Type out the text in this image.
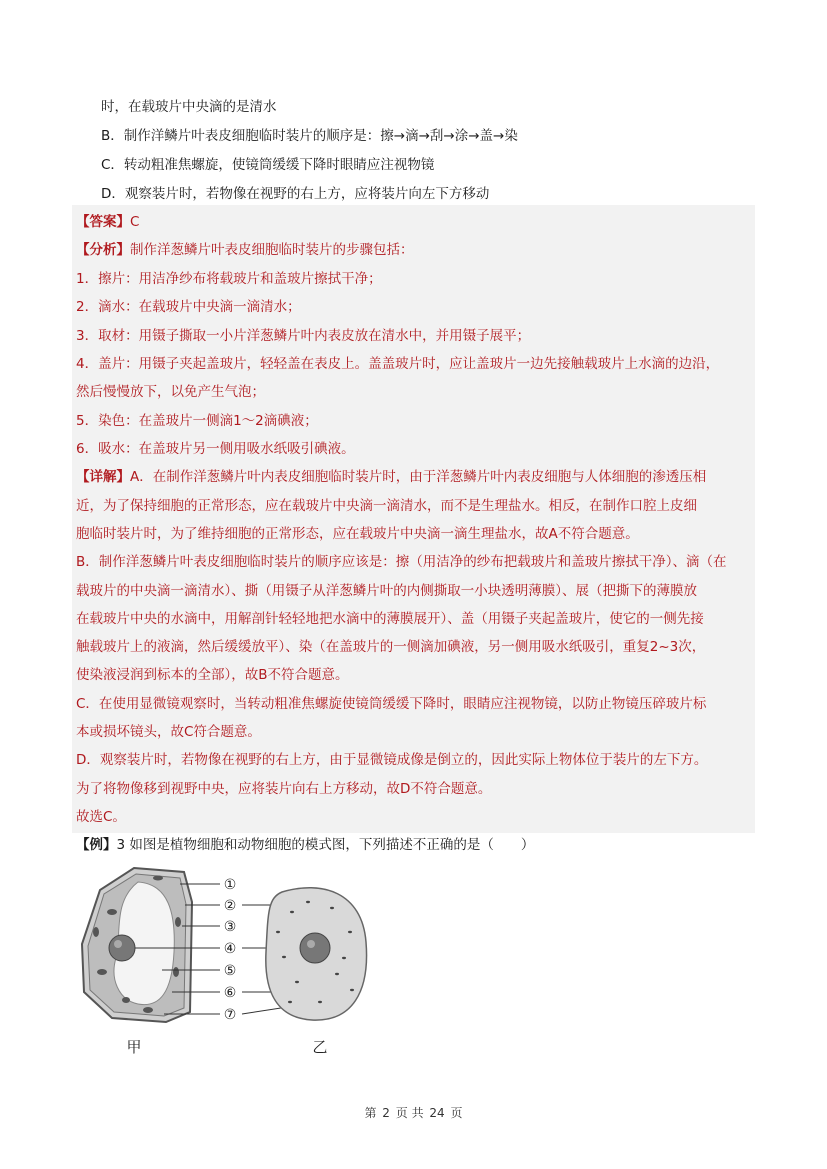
时，在载玻片中央滴的是清水
B．制作洋鳞片叶表皮细胞临时装片的顺序是：擦→滴→刮→涂→盖→染
C．转动粗准焦螺旋，使镜筒缓缓下降时眼睛应注视物镜
D．观察装片时，若物像在视野的右上方，应将装片向左下方移动
【答案】C
【分析】制作洋葱鳞片叶表皮细胞临时装片的步骤包括：
1．擦片：用洁净纱布将载玻片和盖玻片擦拭干净；
2．滴水：在载玻片中央滴一滴清水；
3．取材：用镊子撕取一小片洋葱鳞片叶内表皮放在清水中，并用镊子展平；
4．盖片：用镊子夹起盖玻片，轻轻盖在表皮上。盖盖玻片时，应让盖玻片一边先接触载玻片上水滴的边沿，
然后慢慢放下，以免产生气泡；
5．染色：在盖玻片一侧滴1～2滴碘液；
6．吸水：在盖玻片另一侧用吸水纸吸引碘液。
【详解】A．在制作洋葱鳞片叶内表皮细胞临时装片时，由于洋葱鳞片叶内表皮细胞与人体细胞的渗透压相
近，为了保持细胞的正常形态，应在载玻片中央滴一滴清水，而不是生理盐水。相反，在制作口腔上皮细
胞临时装片时，为了维持细胞的正常形态，应在载玻片中央滴一滴生理盐水，故A不符合题意。
B．制作洋葱鳞片叶表皮细胞临时装片的顺序应该是：擦（用洁净的纱布把载玻片和盖玻片擦拭干净）、滴（在
载玻片的中央滴一滴清水）、撕（用镊子从洋葱鳞片叶的内侧撕取一小块透明薄膜）、展（把撕下的薄膜放
在载玻片中央的水滴中，用解剖针轻轻地把水滴中的薄膜展开）、盖（用镊子夹起盖玻片，使它的一侧先接
触载玻片上的液滴，然后缓缓放平）、染（在盖玻片的一侧滴加碘液，另一侧用吸水纸吸引，重复2~3次，
使染液浸润到标本的全部），故B不符合题意。
C．在使用显微镜观察时，当转动粗准焦螺旋使镜筒缓缓下降时，眼睛应注视物镜，以防止物镜压碎玻片标
本或损坏镜头，故C符合题意。
D．观察装片时，若物像在视野的右上方，由于显微镜成像是倒立的，因此实际上物体位于装片的左下方。
为了将物像移到视野中央，应将装片向右上方移动，故D不符合题意。
故选C。
【例】3 如图是植物细胞和动物细胞的模式图，下列描述不正确的是（　　）
①
②
③
④
⑤
⑥
⑦
甲	乙
第 2 页 共 24 页
